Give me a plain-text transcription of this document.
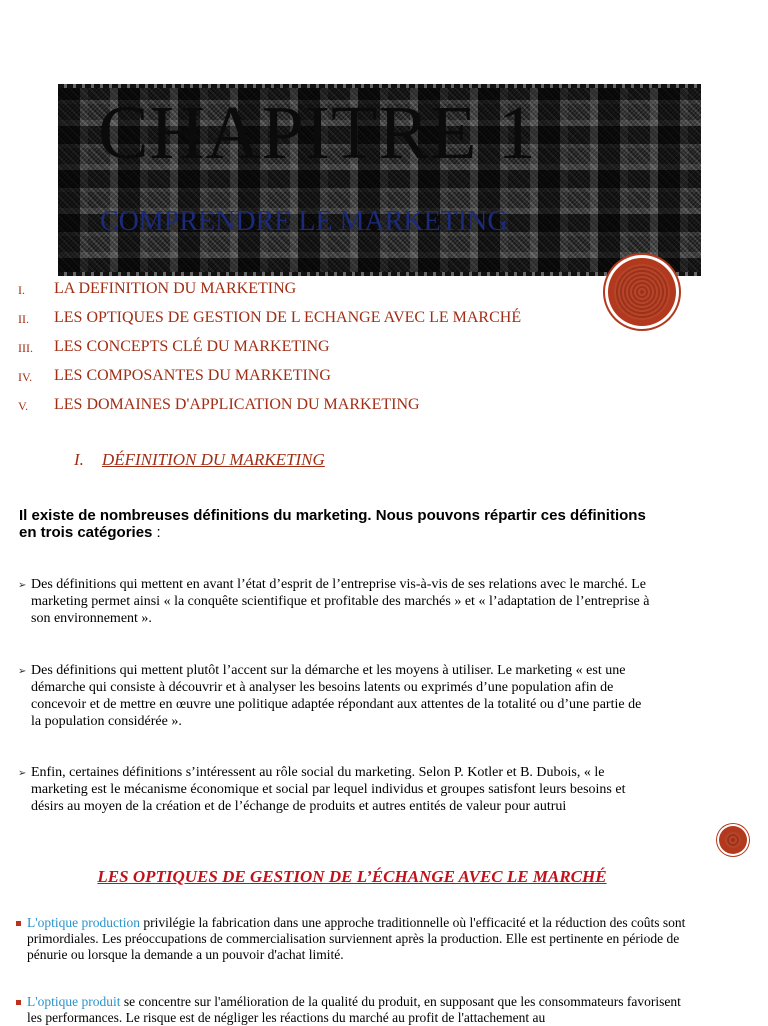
CHAPITRE 1
COMPRENDRE LE MARKETING
I. LA DEFINITION DU MARKETING
II. LES OPTIQUES DE GESTION DE L ECHANGE AVEC LE MARCHÉ
III. LES CONCEPTS CLÉ DU MARKETING
IV. LES COMPOSANTES DU MARKETING
V. LES DOMAINES D'APPLICATION DU MARKETING
I. DÉFINITION DU MARKETING
Il existe de nombreuses définitions du marketing. Nous pouvons répartir ces définitions en trois catégories :
➢ Des définitions qui mettent en avant l’état d’esprit de l’entreprise vis-à-vis de ses relations avec le marché. Le marketing permet ainsi « la conquête scientifique et profitable des marchés » et « l’adaptation de l’entreprise à son environnement ».
➢ Des définitions qui mettent plutôt l’accent sur la démarche et les moyens à utiliser. Le marketing « est une démarche qui consiste à découvrir et à analyser les besoins latents ou exprimés d’une population afin de concevoir et de mettre en œuvre une politique adaptée répondant aux attentes de la totalité ou d’une partie de la population considérée ».
➢ Enfin, certaines définitions s’intéressent au rôle social du marketing. Selon P. Kotler et B. Dubois, « le marketing est le mécanisme économique et social par lequel individus et groupes satisfont leurs besoins et désirs au moyen de la création et de l’échange de produits et autres entités de valeur pour autrui
LES OPTIQUES DE GESTION DE L’ÉCHANGE AVEC LE MARCHÉ
L'optique production privilégie la fabrication dans une approche traditionnelle où l'efficacité et la réduction des coûts sont primordiales. Les préoccupations de commercialisation surviennent après la production. Elle est pertinente en période de pénurie ou lorsque la demande a un pouvoir d'achat limité.
L'optique produit se concentre sur l'amélioration de la qualité du produit, en supposant que les consommateurs favorisent les performances. Le risque est de négliger les réactions du marché au profit de l'attachement au
